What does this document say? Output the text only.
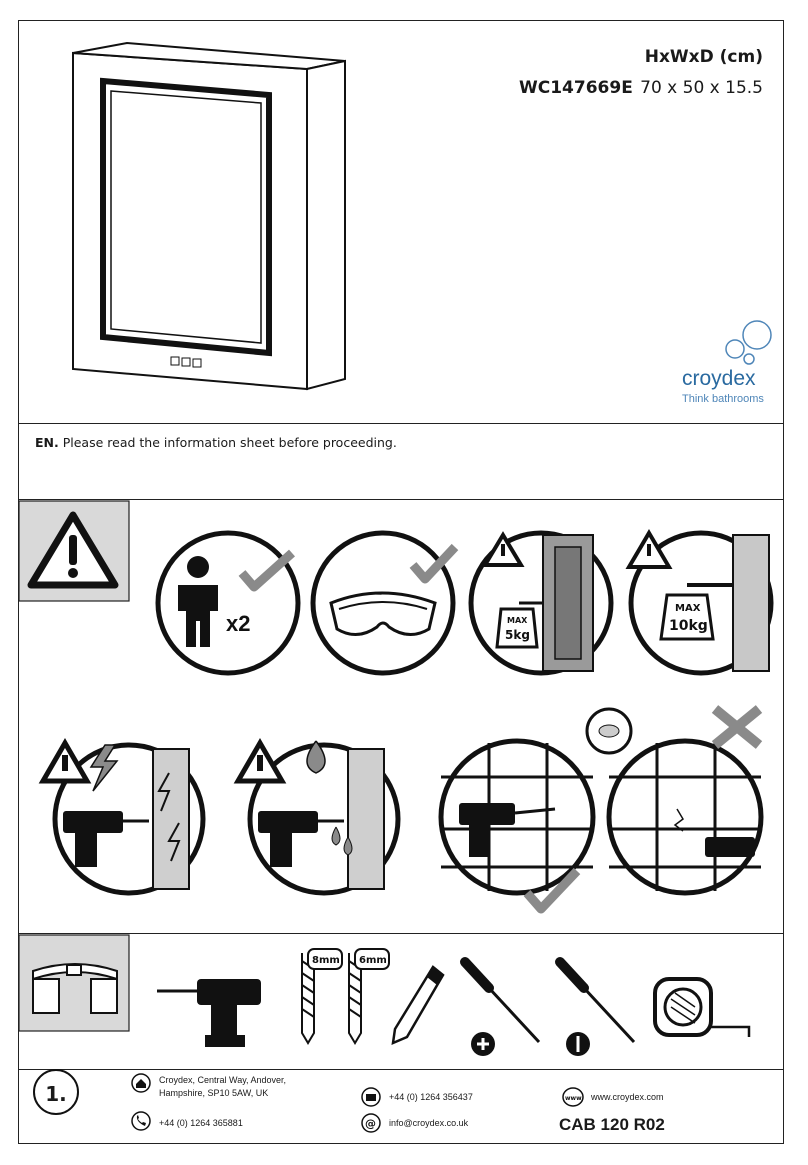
HxWxD (cm)
WC147669E 70 x 50 x 15.5
croydex
Think bathrooms
EN. Please read the information sheet before proceeding.
x2	MAX
5kg
MAX
10kg
8mm 6mm
1.
Croydex, Central Way, Andover,
Hampshire, SP10 5AW, UK
+44 (0) 1264 365881
+44 (0) 1264 356437
@ info@croydex.co.uk
www www.croydex.com
CAB 120 R02
